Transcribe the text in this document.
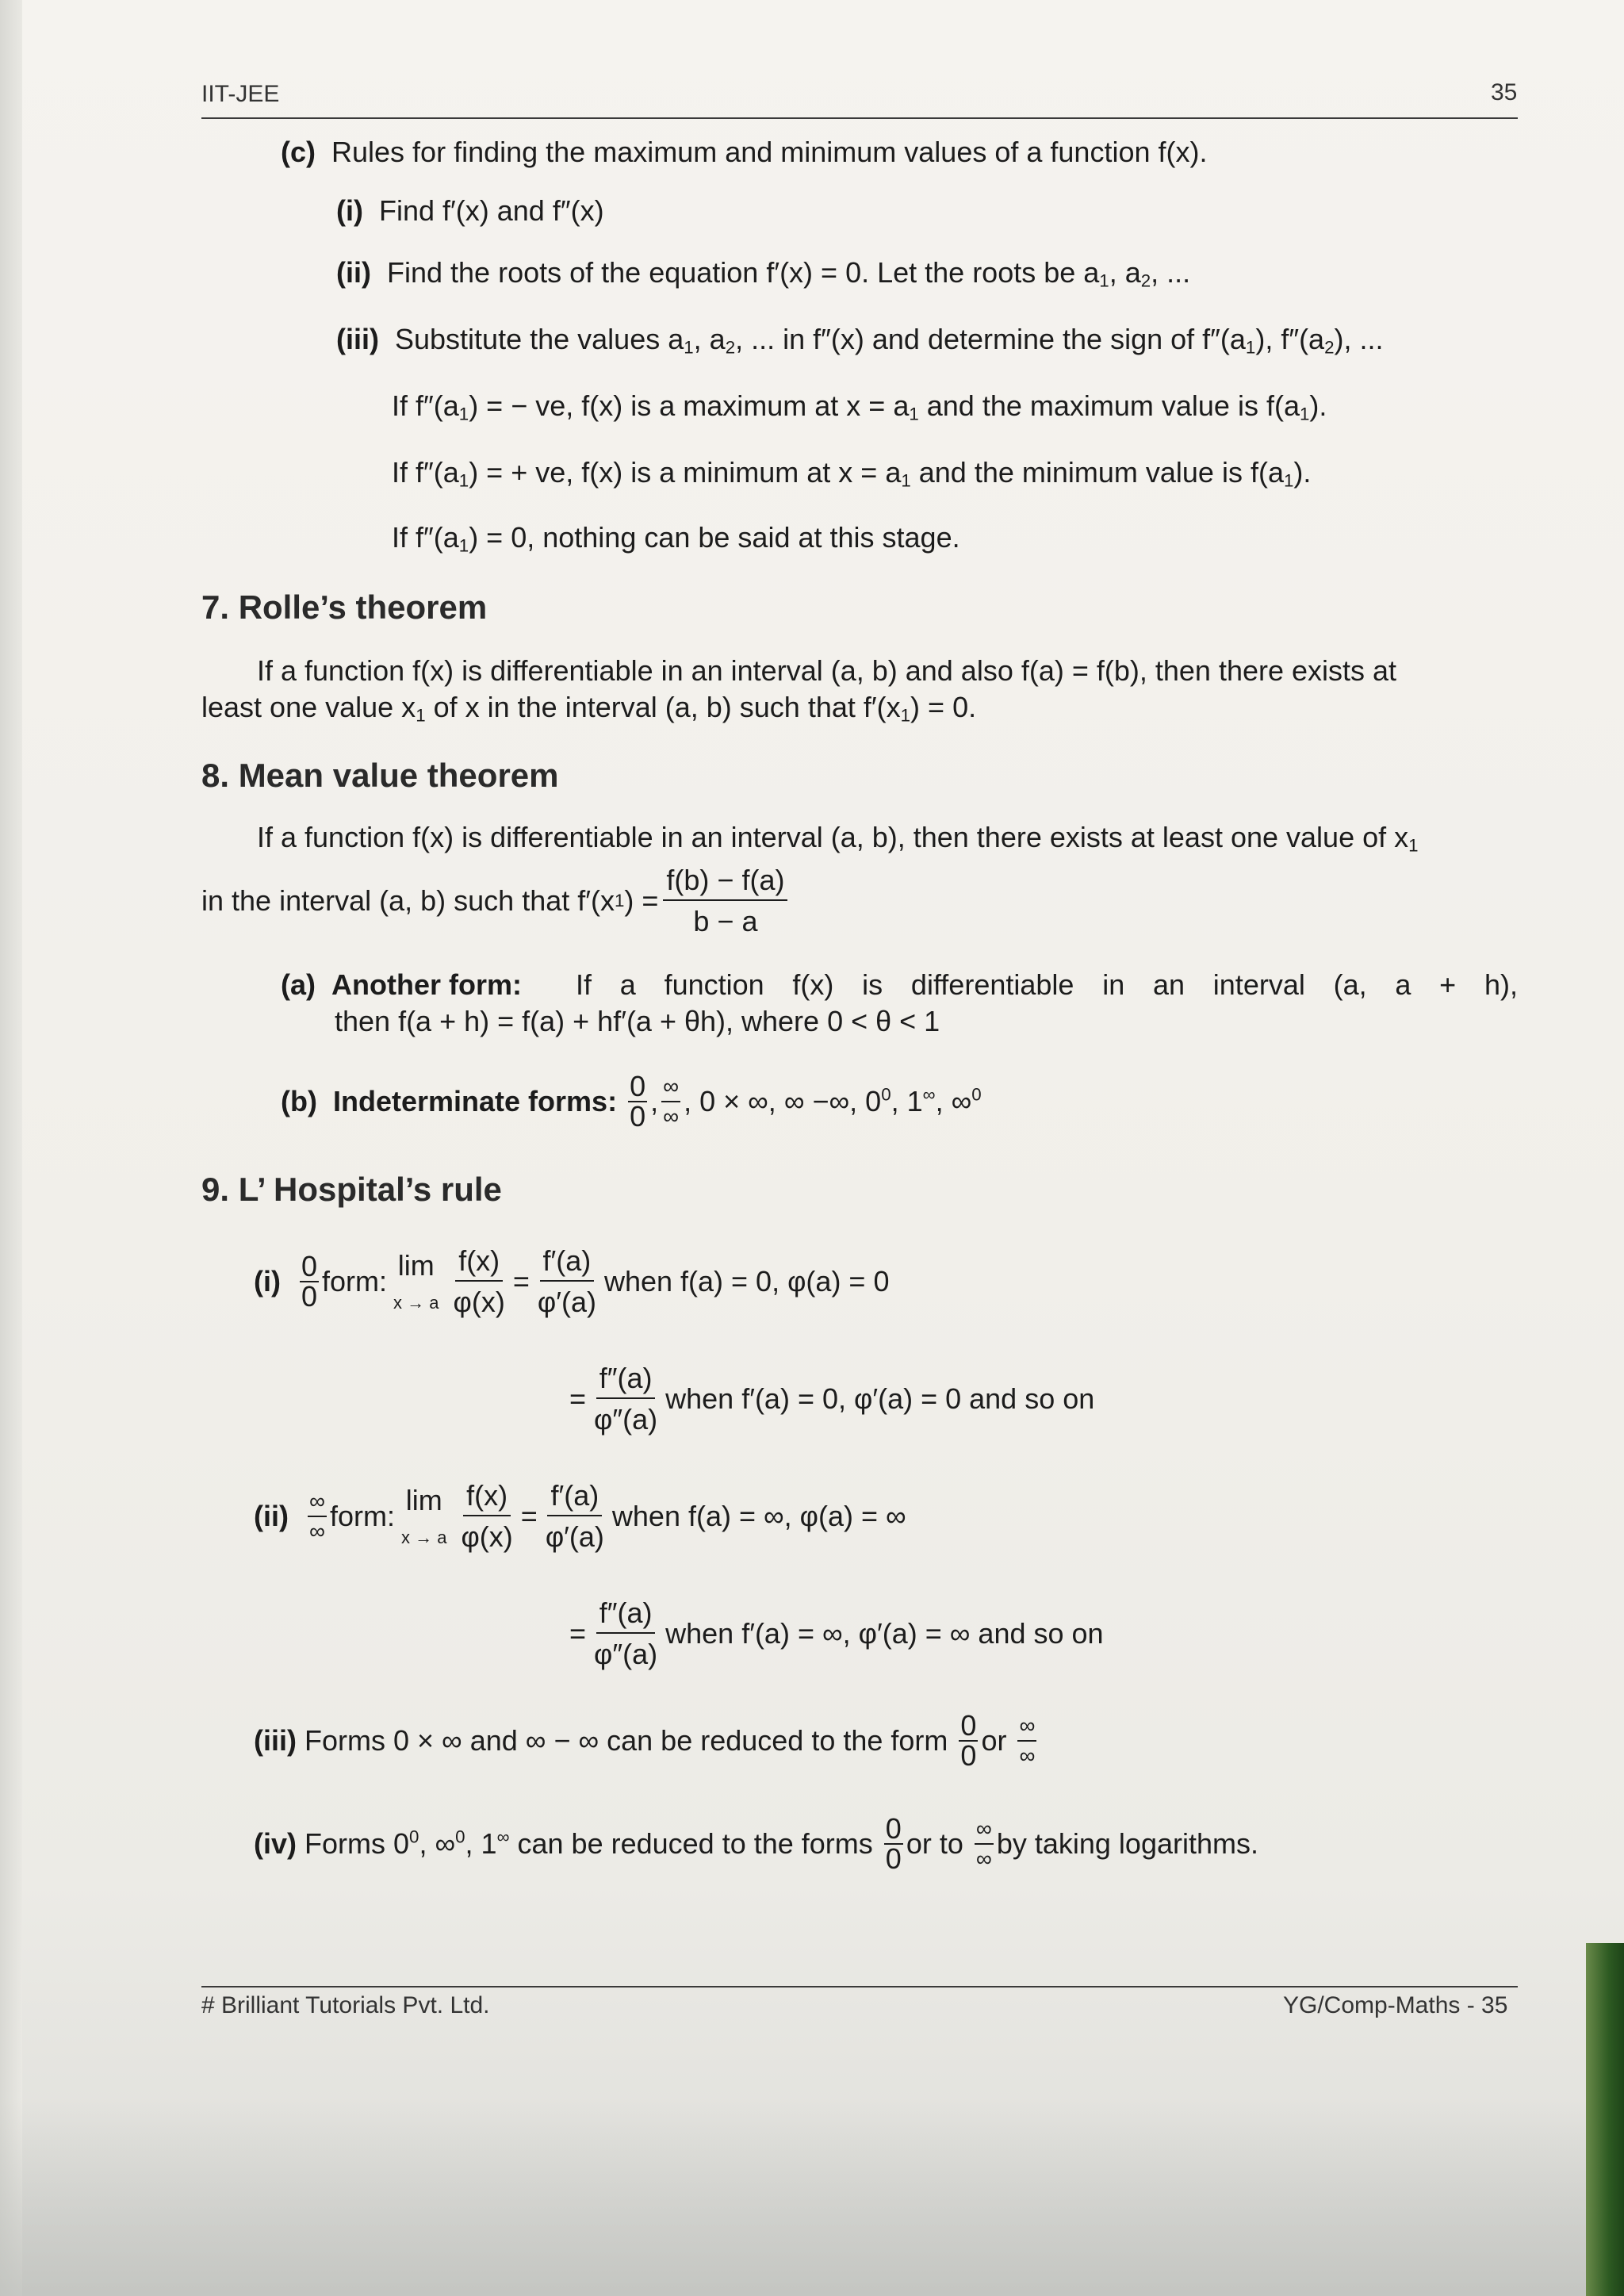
IIT-JEE	35
(c) Rules for finding the maximum and minimum values of a function f(x).
(i) Find f′(x) and f″(x)
(ii) Find the roots of the equation f′(x) = 0. Let the roots be $a_1$, $a_2$, ...
(iii) Substitute the values $a_1$, $a_2$, ... in f″(x) and determine the sign of $f''(a_1)$, $f''(a_2)$, ...
If $f''(a_1)$ = − ve, f(x) is a maximum at $x = a_1$ and the maximum value is $f(a_1)$.
If $f''(a_1)$ = + ve, f(x) is a minimum at $x = a_1$ and the minimum value is $f(a_1)$.
If $f''(a_1) = 0$, nothing can be said at this stage.
7. Rolle’s theorem
If a function f(x) is differentiable in an interval (a, b) and also f(a) = f(b), then there exists at
least one value $x_1$ of x in the interval (a, b) such that $f'(x_1) = 0$.
8. Mean value theorem
If a function f(x) is differentiable in an interval (a, b), then there exists at least one value of $x_1$
in the interval (a, b) such that f′(x 1 ) = $\frac{f(b) - f(a)}{b - a}$
(a) Another form: If a function f(x) is differentiable in an interval (a, a + h),
then f(a + h) = f(a) + hf′(a + θh), where 0 < θ < 1
(b)
Indeterminate forms:
$\frac{0}{0}$ , $\frac{\infty}{\infty}$ , 0 × ∞, ∞ −∞, $0^0$, 1∞, ∞$^0$
9. L’ Hospital’s rule
(i)
$\frac{0}{0}$ form: lim
x → a $\frac{f(x)}{\varphi(x)} = \frac{f'(a)}{\varphi'(a)}$ when f(a) = 0, φ(a) = 0
= $\frac{f''(a)}{\varphi''(a)}$ when f′(a) = 0, φ′(a) = 0 and so on
(ii)
$\frac{\infty}{\infty}$ form: lim
x → a $\frac{f(x)}{\varphi(x)} = \frac{f'(a)}{\varphi'(a)}$ when f(a) = ∞, φ(a) = ∞
= $\frac{f''(a)}{\varphi''(a)}$ when f′(a) = ∞, φ′(a) = ∞ and so on
(iii)
Forms 0 × ∞ and ∞ − ∞ can be reduced to the form
$\frac{0}{0}$ or
$\frac{\infty}{\infty}$
(iv)
Forms $0^0$, ∞$^0$, 1∞ can be reduced to the forms
$\frac{0}{0}$ or to
$\frac{\infty}{\infty}$ by taking logarithms.
# Brilliant Tutorials Pvt. Ltd.	YG/Comp-Maths - 35
